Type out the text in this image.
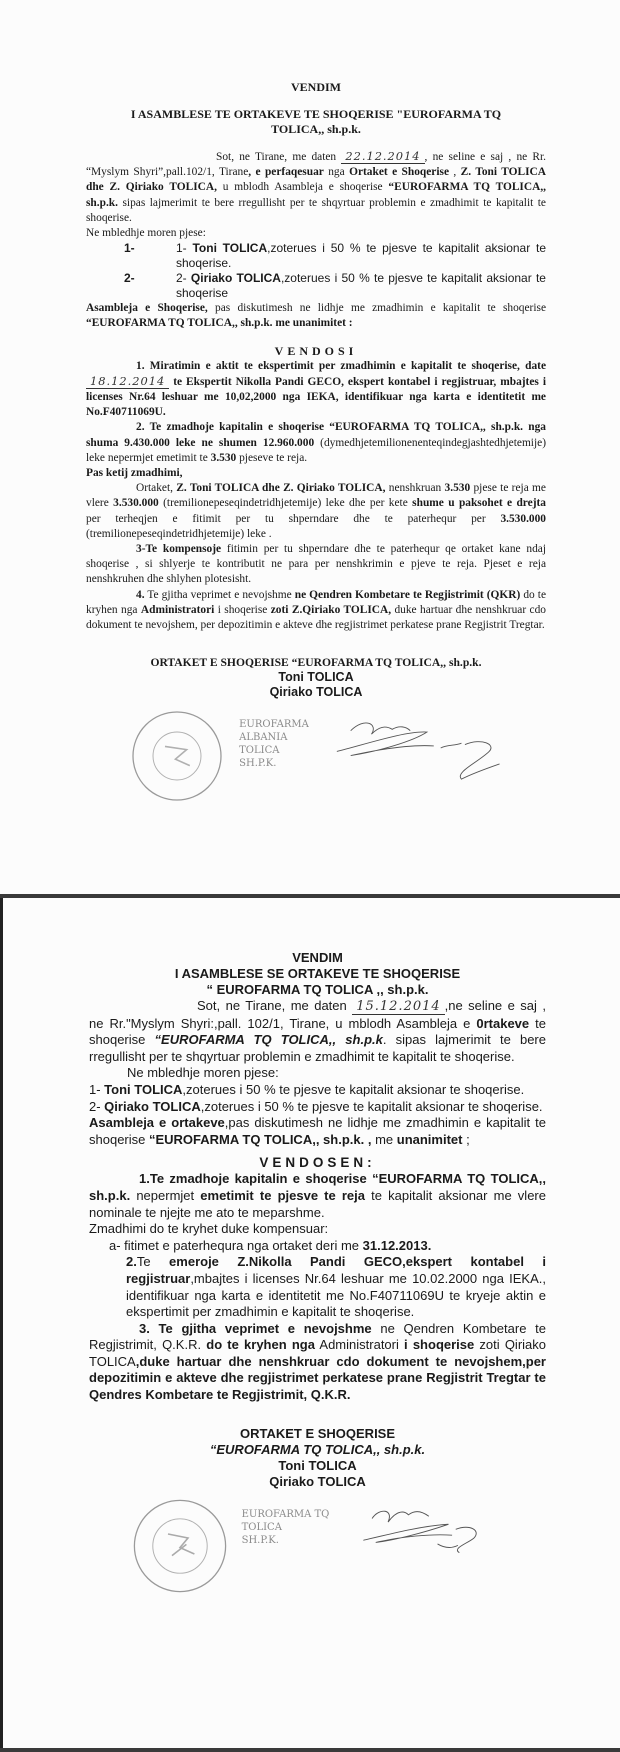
VENDIM
I ASAMBLESE TE ORTAKEVE TE SHOQERISE "EUROFARMA TQ
TOLICA,, sh.p.k.
Sot, ne Tirane, me daten 22.12.2014 , ne seline e saj , ne Rr. “Myslym Shyri”,pall.102/1, Tirane, e perfaqesuar nga Ortaket e Shoqerise , Z. Toni TOLICA dhe Z. Qiriako TOLICA, u mblodh Asambleja e shoqerise “EUROFARMA TQ TOLICA,, sh.p.k. sipas lajmerimit te bere rregullisht per te shqyrtuar problemin e zmadhimit te kapitalit te shoqerise.
Ne mbledhje moren pjese:
1-	1- Toni TOLICA,zoterues i 50 % te pjesve te kapitalit aksionar te shoqerise.
2-	2- Qiriako TOLICA,zoterues i 50 % te pjesve te kapitalit aksionar te shoqerise
Asambleja e Shoqerise, pas diskutimesh ne lidhje me zmadhimin e kapitalit te shoqerise “EUROFARMA TQ TOLICA,, sh.p.k. me unanimitet :
VENDOSI
1. Miratimin e aktit te ekspertimit per zmadhimin e kapitalit te shoqerise, date 18.12.2014 te Ekspertit Nikolla Pandi GECO, ekspert kontabel i regjistruar, mbajtes i licenses Nr.64 leshuar me 10,02,2000 nga IEKA, identifikuar nga karta e identitetit me No.F40711069U.
2. Te zmadhoje kapitalin e shoqerise “EUROFARMA TQ TOLICA,, sh.p.k. nga shuma 9.430.000 leke ne shumen 12.960.000 (dymedhjetemilionenenteqindegjashtedhjetemije) leke nepermjet emetimit te 3.530 pjeseve te reja.
Pas ketij zmadhimi,
Ortaket, Z. Toni TOLICA dhe Z. Qiriako TOLICA, nenshkruan 3.530 pjese te reja me vlere 3.530.000 (tremilionepeseqindetridhjetemije) leke dhe per kete shume u paksohet e drejta per terheqjen e fitimit per tu shperndare dhe te paterhequr per 3.530.000 (tremilionepeseqindetridhjetemije) leke .
3-Te kompensoje fitimin per tu shperndare dhe te paterhequr qe ortaket kane ndaj shoqerise , si shlyerje te kontributit ne para per nenshkrimin e pjeve te reja. Pjeset e reja nenshkruhen dhe shlyhen plotesisht.
4. Te gjitha veprimet e nevojshme ne Qendren Kombetare te Regjistrimit (QKR) do te kryhen nga Administratori i shoqerise zoti Z.Qiriako TOLICA, duke hartuar dhe nenshkruar cdo dokument te nevojshem, per depozitimin e akteve dhe regjistrimet perkatese prane Regjistrit Tregtar.
ORTAKET E SHOQERISE “EUROFARMA TQ TOLICA,, sh.p.k.
Toni TOLICA
Qiriako TOLICA
EUROFARMA
ALBANIA
TOLICA
SH.P.K.
VENDIM
I ASAMBLESE SE ORTAKEVE TE SHOQERISE
“ EUROFARMA TQ TOLICA ,, sh.p.k.
Sot, ne Tirane, me daten 15.12.2014 ,ne seline e saj , ne Rr."Myslym Shyri:,pall. 102/1, Tirane, u mblodh Asambleja e 0rtakeve te shoqerise “EUROFARMA TQ TOLICA,, sh.p.k. sipas lajmerimit te bere rregullisht per te shqyrtuar problemin e zmadhimit te kapitalit te shoqerise.
Ne mbledhje moren pjese:
1- Toni TOLICA,zoterues i 50 % te pjesve te kapitalit aksionar te shoqerise.
2- Qiriako TOLICA,zoterues i 50 % te pjesve te kapitalit aksionar te shoqerise.
Asambleja e ortakeve,pas diskutimesh ne lidhje me zmadhimin e kapitalit te shoqerise “EUROFARMA TQ TOLICA,, sh.p.k. , me unanimitet ;
VENDOSEN:
1.Te zmadhoje kapitalin e shoqerise “EUROFARMA TQ TOLICA,, sh.p.k. nepermjet emetimit te pjesve te reja te kapitalit aksionar me vlere nominale te njejte me ato te meparshme.
Zmadhimi do te kryhet duke kompensuar:
a- fitimet e paterhequra nga ortaket deri me 31.12.2013.
2.Te emeroje Z.Nikolla Pandi GECO,ekspert kontabel i regjistruar,mbajtes i licenses Nr.64 leshuar me 10.02.2000 nga IEKA., identifikuar nga karta e identitetit me No.F40711069U te kryeje aktin e ekspertimit per zmadhimin e kapitalit te shoqerise.
3. Te gjitha veprimet e nevojshme ne Qendren Kombetare te Regjistrimit, Q.K.R. do te kryhen nga Administratori i shoqerise zoti Qiriako TOLICA,duke hartuar dhe nenshkruar cdo dokument te nevojshem,per depozitimin e akteve dhe regjistrimet perkatese prane Regjistrit Tregtar te Qendres Kombetare te Regjistrimit, Q.K.R.
ORTAKET E SHOQERISE
“EUROFARMA TQ TOLICA,, sh.p.k.
Toni TOLICA
Qiriako TOLICA
EUROFARMA TQ
TOLICA
SH.P.K.
